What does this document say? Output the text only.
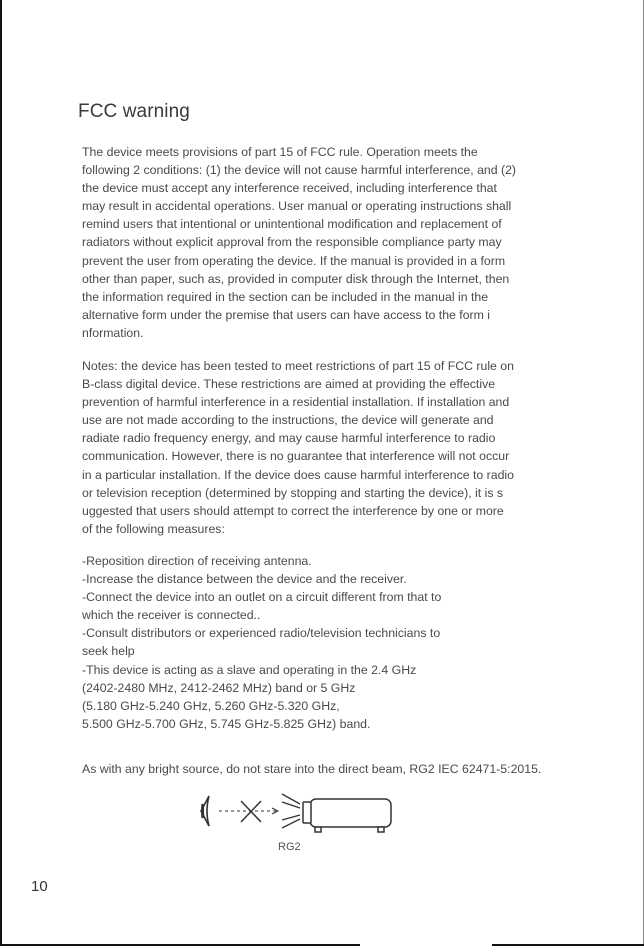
FCC warning
The device meets provisions of part 15 of FCC rule. Operation meets the
following 2 conditions: (1) the device will not cause harmful interference, and (2)
the device must accept any interference received, including interference that
may result in accidental operations. User manual or operating instructions shall
remind users that intentional or unintentional modification and replacement of
radiators without explicit approval from the responsible compliance party may
prevent the user from operating the device. If the manual is provided in a form
other than paper, such as, provided in computer disk through the Internet, then
the information required in the section can be included in the manual in the
alternative form under the premise that users can have access to the form i
nformation.
Notes: the device has been tested to meet restrictions of part 15 of FCC rule on
B-class digital device. These restrictions are aimed at providing the effective
prevention of harmful interference in a residential installation. If installation and
use are not made according to the instructions, the device will generate and
radiate radio frequency energy, and may cause harmful interference to radio
communication. However, there is no guarantee that interference will not occur
in a particular installation. If the device does cause harmful interference to radio
or television reception (determined by stopping and starting the device), it is s
uggested that users should attempt to correct the interference by one or more
of the following measures:
-Reposition direction of receiving antenna.
-Increase the distance between the device and the receiver.
-Connect the device into an outlet on a circuit different from that to
which the receiver is connected..
-Consult distributors or experienced radio/television technicians to
seek help
-This device is acting as a slave and operating in the 2.4 GHz
(2402-2480 MHz, 2412-2462 MHz) band or 5 GHz
(5.180 GHz-5.240 GHz, 5.260 GHz-5.320 GHz,
5.500 GHz-5.700 GHz, 5.745 GHz-5.825 GHz) band.
As with any bright source, do not stare into the direct beam, RG2 IEC 62471-5:2015.
RG2
10
